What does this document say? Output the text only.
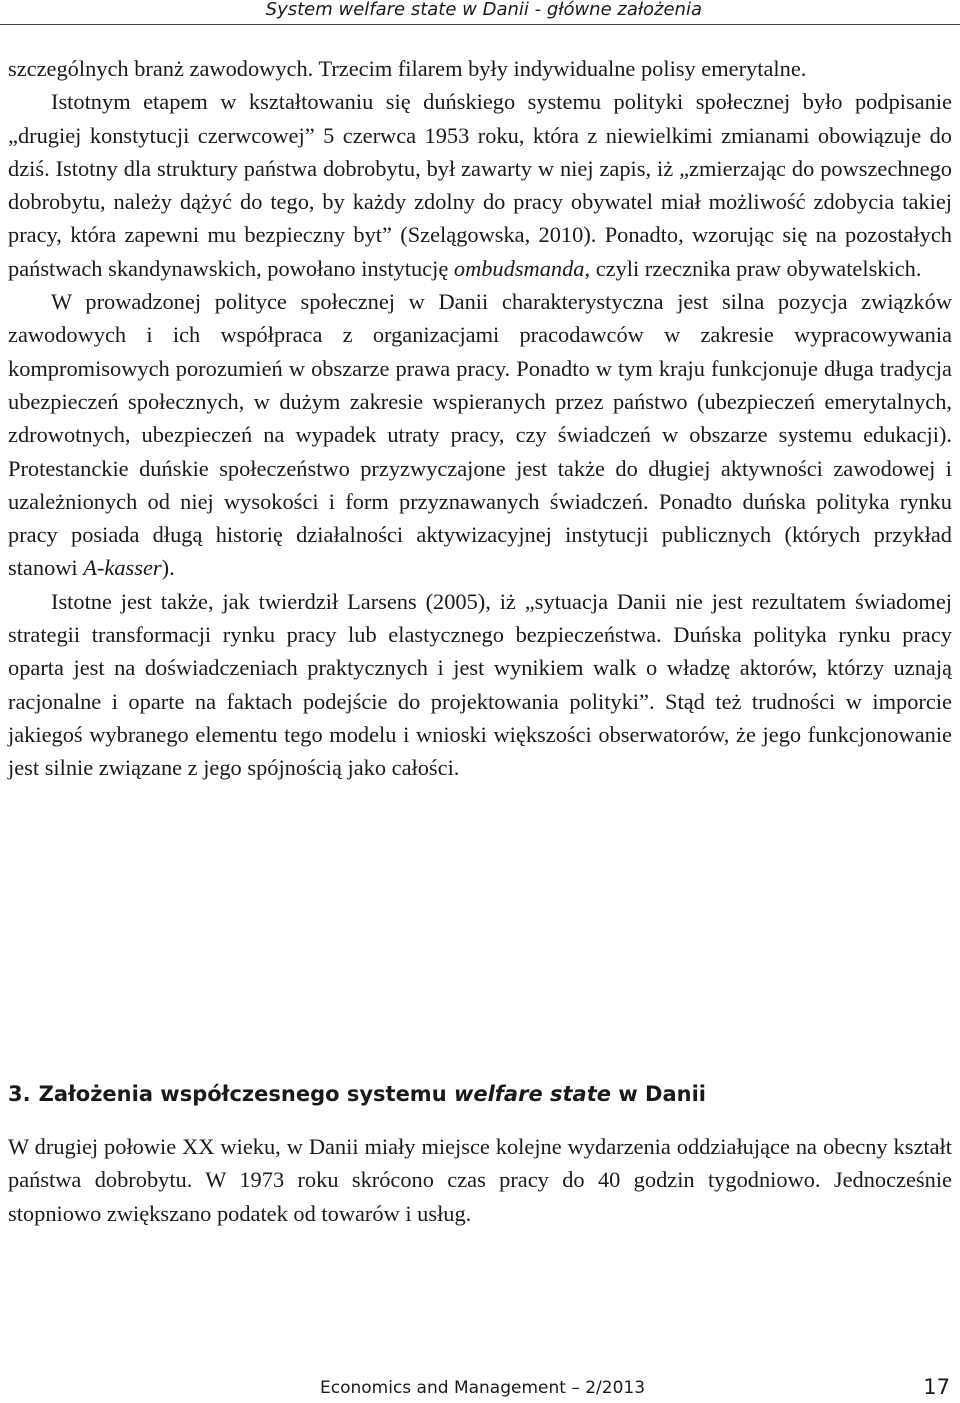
System welfare state w Danii - główne założenia

szczególnych branż zawodowych. Trzecim filarem były indywidualne polisy emerytalne.

Istotnym etapem w kształtowaniu się duńskiego systemu polityki społecznej było podpisanie „drugiej konstytucji czerwcowej” 5 czerwca 1953 roku, która z niewielkimi zmianami obowiązuje do dziś. Istotny dla struktury państwa dobrobytu, był zawarty w niej zapis, iż „zmierzając do powszechnego dobrobytu, należy dążyć do tego, by każdy zdolny do pracy obywatel miał możliwość zdobycia takiej pracy, która zapewni mu bezpieczny byt” (Szelągowska, 2010). Ponadto, wzorując się na pozostałych państwach skandynawskich, powołano instytucję ombudsmanda, czyli rzecznika praw obywatelskich.

W prowadzonej polityce społecznej w Danii charakterystyczna jest silna pozycja związków zawodowych i ich współpraca z organizacjami pracodawców w zakresie wypracowywania kompromisowych porozumień w obszarze prawa pracy. Ponadto w tym kraju funkcjonuje długa tradycja ubezpieczeń społecznych, w dużym zakresie wspieranych przez państwo (ubezpieczeń emerytalnych, zdrowotnych, ubezpieczeń na wypadek utraty pracy, czy świadczeń w obszarze systemu edukacji). Protestanckie duńskie społeczeństwo przyzwyczajone jest także do długiej aktywności zawodowej i uzależnionych od niej wysokości i form przyznawanych świadczeń. Ponadto duńska polityka rynku pracy posiada długą historię działalności aktywizacyjnej instytucji publicznych (których przykład stanowi A-kasser).

Istotne jest także, jak twierdził Larsens (2005), iż „sytuacja Danii nie jest rezultatem świadomej strategii transformacji rynku pracy lub elastycznego bezpieczeństwa. Duńska polityka rynku pracy oparta jest na doświadczeniach praktycznych i jest wynikiem walk o władzę aktorów, którzy uznają racjonalne i oparte na faktach podejście do projektowania polityki”. Stąd też trudności w imporcie jakiegoś wybranego elementu tego modelu i wnioski większości obserwatorów, że jego funkcjonowanie jest silnie związane z jego spójnością jako całości.

3. Założenia współczesnego systemu welfare state w Danii

W drugiej połowie XX wieku, w Danii miały miejsce kolejne wydarzenia oddziałujące na obecny kształt państwa dobrobytu. W 1973 roku skrócono czas pracy do 40 godzin tygodniowo. Jednocześnie stopniowo zwiększano podatek od towarów i usług.

Economics and Management – 2/2013	17
